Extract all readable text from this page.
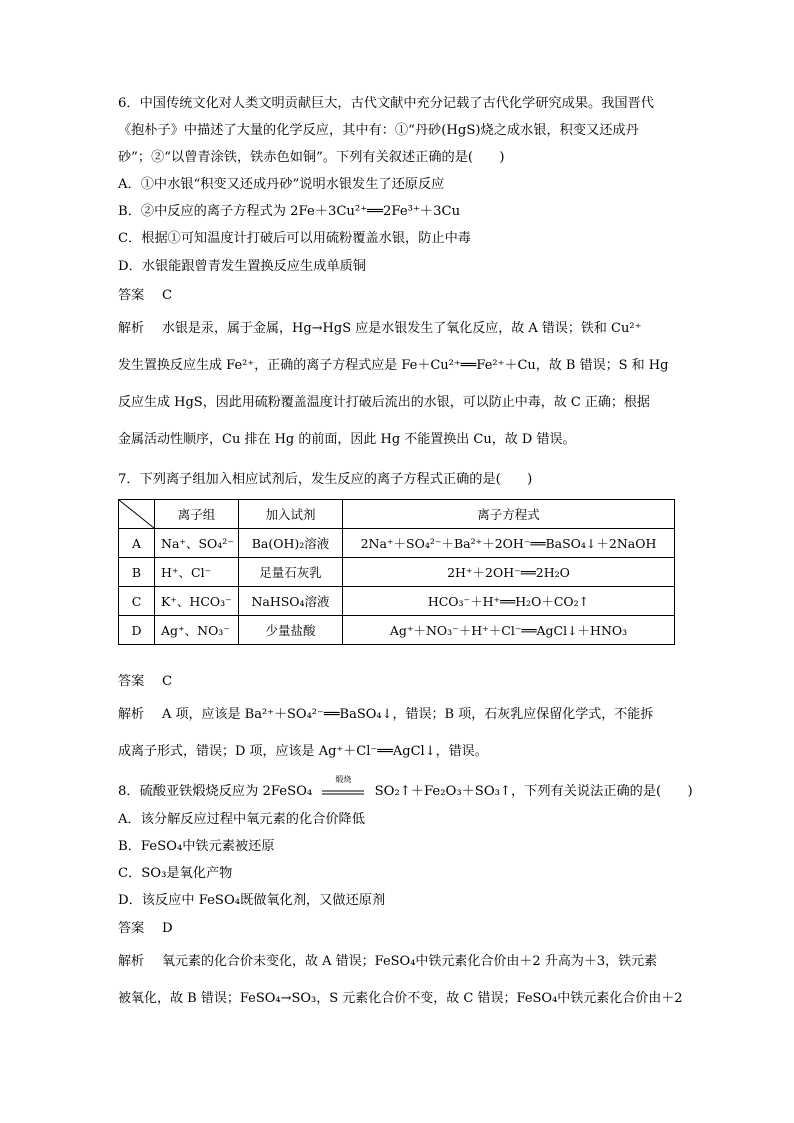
6．中国传统文化对人类文明贡献巨大，古代文献中充分记载了古代化学研究成果。我国晋代
《抱朴子》中描述了大量的化学反应，其中有：①“丹砂(HgS)烧之成水银，积变又还成丹
砂”；②“以曾青涂铁，铁赤色如铜”。下列有关叙述正确的是(　　)
A．①中水银“积变又还成丹砂”说明水银发生了还原反应
B．②中反应的离子方程式为 2Fe＋3Cu²⁺══2Fe³⁺＋3Cu
C．根据①可知温度计打破后可以用硫粉覆盖水银，防止中毒
D．水银能跟曾青发生置换反应生成单质铜
答案 C
解析 水银是汞，属于金属，Hg→HgS 应是水银发生了氧化反应，故 A 错误；铁和 Cu²⁺
发生置换反应生成 Fe²⁺，正确的离子方程式应是 Fe＋Cu²⁺══Fe²⁺＋Cu，故 B 错误；S 和 Hg
反应生成 HgS，因此用硫粉覆盖温度计打破后流出的水银，可以防止中毒，故 C 正确；根据
金属活动性顺序，Cu 排在 Hg 的前面，因此 Hg 不能置换出 Cu，故 D 错误。
7．下列离子组加入相应试剂后，发生反应的离子方程式正确的是(　　)
	离子组	加入试剂	离子方程式
A	Na⁺、SO₄²⁻	Ba(OH)₂溶液	2Na⁺＋SO₄²⁻＋Ba²⁺＋2OH⁻══BaSO₄↓＋2NaOH
B	H⁺、Cl⁻	足量石灰乳	2H⁺＋2OH⁻══2H₂O
C	K⁺、HCO₃⁻	NaHSO₄溶液	HCO₃⁻＋H⁺══H₂O＋CO₂↑
D	Ag⁺、NO₃⁻	少量盐酸	Ag⁺＋NO₃⁻＋H⁺＋Cl⁻══AgCl↓＋HNO₃
答案 C
解析 A 项，应该是 Ba²⁺＋SO₄²⁻══BaSO₄↓，错误；B 项，石灰乳应保留化学式，不能拆
成离子形式，错误；D 项，应该是 Ag⁺＋Cl⁻══AgCl↓，错误。
8．硫酸亚铁煅烧反应为 2FeSO₄
煅烧
SO₂↑＋Fe₂O₃＋SO₃↑，下列有关说法正确的是(　　)
A．该分解反应过程中氧元素的化合价降低
B．FeSO₄中铁元素被还原
C．SO₃是氧化产物
D．该反应中 FeSO₄既做氧化剂，又做还原剂
答案 D
解析 氧元素的化合价未变化，故 A 错误；FeSO₄中铁元素化合价由＋2 升高为＋3，铁元素
被氧化，故 B 错误；FeSO₄→SO₃，S 元素化合价不变，故 C 错误；FeSO₄中铁元素化合价由＋2
